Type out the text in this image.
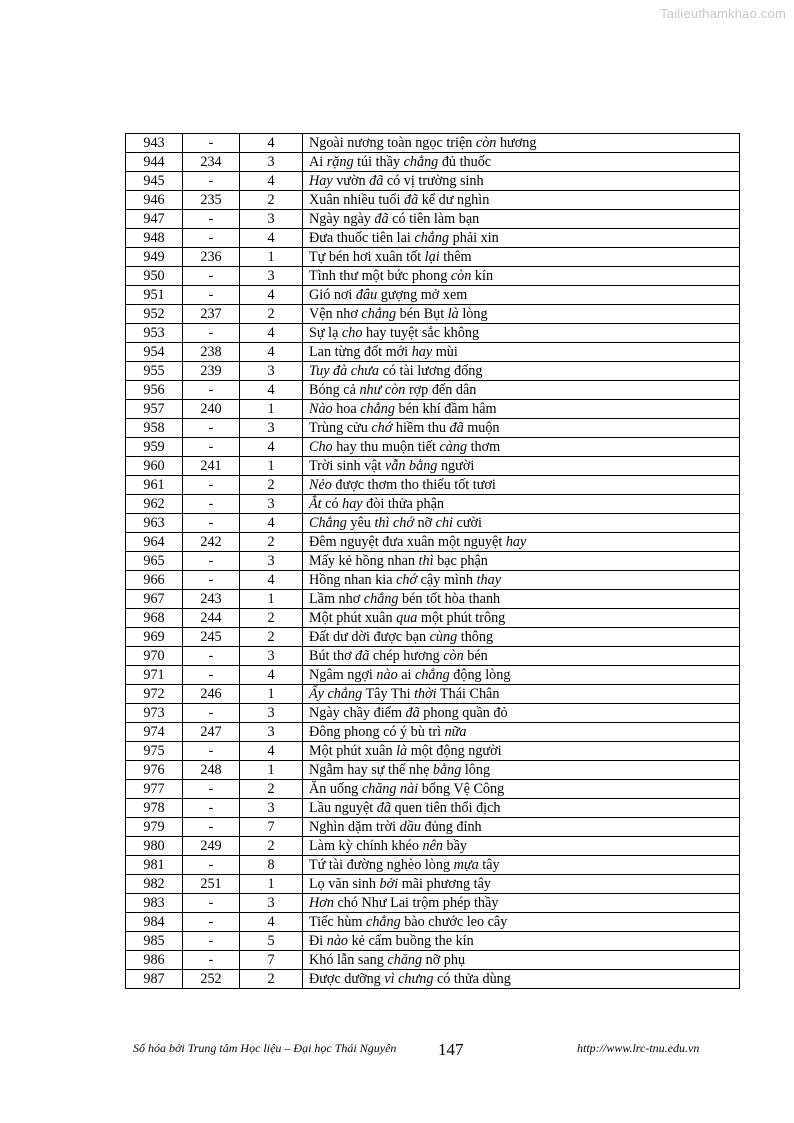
Tailieuthamkhao.com
943	-	4	Ngoài nương toàn ngọc triện còn hương
944	234	3	Ai rặng túi thầy chẳng đủ thuốc
945	-	4	Hay vườn đã có vị trường sinh
946	235	2	Xuân nhiều tuổi đã kể dư nghìn
947	-	3	Ngày ngày đã có tiên làm bạn
948	-	4	Đưa thuốc tiên lai chẳng phải xin
949	236	1	Tự bén hơi xuân tốt lại thêm
950	-	3	Tình thư một bức phong còn kín
951	-	4	Gió nơi đâu gượng mở xem
952	237	2	Vện nhơ chẳng bén Bụt là lòng
953	-	4	Sự lạ cho hay tuyệt sắc không
954	238	4	Lan từng đốt mới hay mùi
955	239	3	Tuy đà chưa có tài lương đống
956	-	4	Bóng cả như còn rợp đến dân
957	240	1	Nào hoa chẳng bén khí đầm hâm
958	-	3	Trùng cửu chớ hiềm thu đã muộn
959	-	4	Cho hay thu muộn tiết càng thơm
960	241	1	Trời sinh vật vẫn bằng người
961	-	2	Nẻo được thơm tho thiếu tốt tươi
962	-	3	Ắt có hay đòi thửa phận
963	-	4	Chẳng yêu thì chớ nỡ chi cười
964	242	2	Đêm nguyệt đưa xuân một nguyệt hay
965	-	3	Mấy kẻ hồng nhan thì bạc phận
966	-	4	Hồng nhan kia chớ cậy mình thay
967	243	1	Lầm nhơ chẳng bén tốt hòa thanh
968	244	2	Một phút xuân qua một phút trông
969	245	2	Đất dư dời được bạn cùng thông
970	-	3	Bút thơ đã chép hương còn bén
971	-	4	Ngâm ngợi nào ai chẳng động lòng
972	246	1	Ấy chẳng Tây Thi thời Thái Chân
973	-	3	Ngày chầy điểm đã phong quần đỏ
974	247	3	Đông phong có ý bù trì nữa
975	-	4	Một phút xuân là một động người
976	248	1	Ngẫm hay sự thế nhẹ bằng lông
977	-	2	Ăn uống chăng nài bổng Vệ Công
978	-	3	Lầu nguyệt đã quen tiên thổi địch
979	-	7	Nghìn dặm trời dầu đủng đỉnh
980	249	2	Làm kỳ chính khéo nên bầy
981	-	8	Tứ tài đường nghèo lòng mựa tây
982	251	1	Lọ văn sinh bởi mãi phương tây
983	-	3	Hơn chó Như Lai trộm phép thầy
984	-	4	Tiếc hùm chẳng bào chước leo cây
985	-	5	Đi nào kẻ cấm buồng the kín
986	-	7	Khó lẫn sang chăng nỡ phụ
987	252	2	Được dưỡng vì chưng có thửa dùng
Số hóa bởi Trung tâm Học liệu – Đại học Thái Nguyên 147	http://www.lrc-tnu.edu.vn
